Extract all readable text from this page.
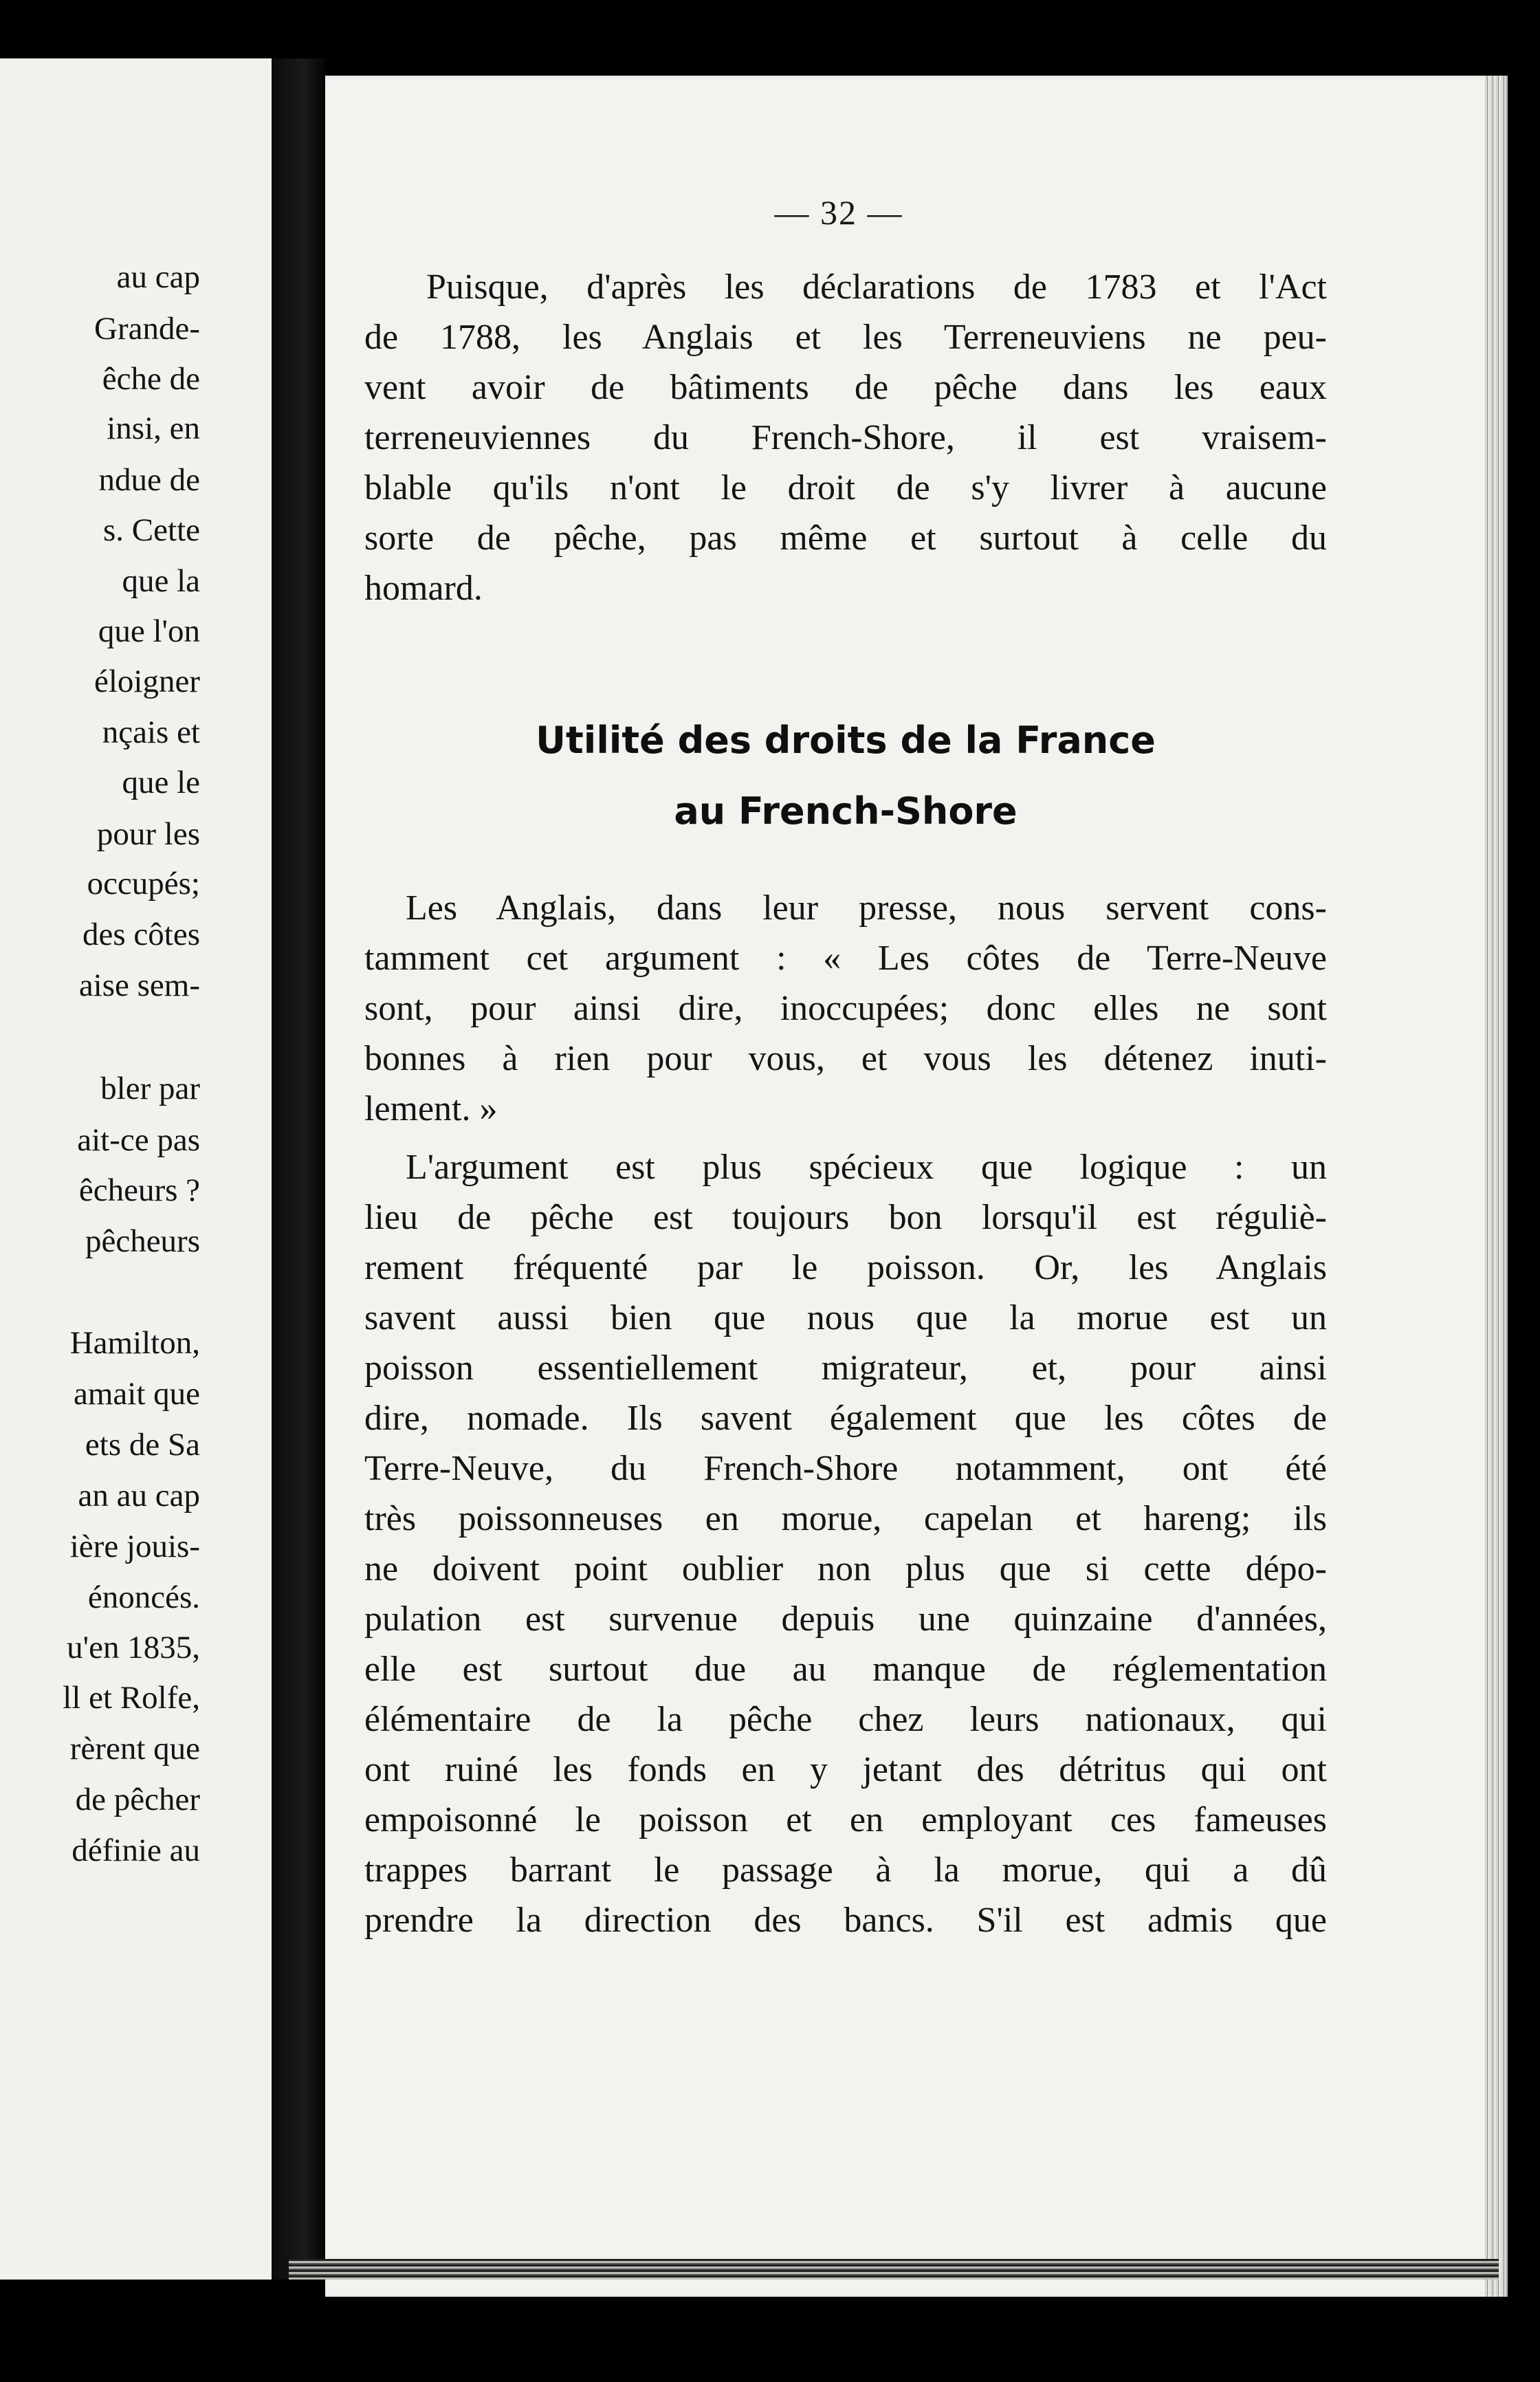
au cap
Grande-
êche de
insi, en
ndue de
s. Cette
que la
que l'on
éloigner
nçais et
que le
pour les
occupés;
des côtes
aise sem-
bler par
ait-ce pas
êcheurs ?
pêcheurs
Hamilton,
amait que
ets de Sa
an au cap
ière jouis-
énoncés.
u'en 1835,
ll et Rolfe,
rèrent que
de pêcher
définie au
— 32 —
Puisque, d'après les déclarations de 1783 et l'Act
de 1788, les Anglais et les Terreneuviens ne peu-
vent avoir de bâtiments de pêche dans les eaux
terreneuviennes du French-Shore, il est vraisem-
blable qu'ils n'ont le droit de s'y livrer à aucune
sorte de pêche, pas même et surtout à celle du
homard.
Utilité des droits de la France
au French-Shore
Les Anglais, dans leur presse, nous servent cons-
tamment cet argument : « Les côtes de Terre-Neuve
sont, pour ainsi dire, inoccupées; donc elles ne sont
bonnes à rien pour vous, et vous les détenez inuti-
lement. »
L'argument est plus spécieux que logique : un
lieu de pêche est toujours bon lorsqu'il est réguliè-
rement fréquenté par le poisson. Or, les Anglais
savent aussi bien que nous que la morue est un
poisson essentiellement migrateur, et, pour ainsi
dire, nomade. Ils savent également que les côtes de
Terre-Neuve, du French-Shore notamment, ont été
très poissonneuses en morue, capelan et hareng; ils
ne doivent point oublier non plus que si cette dépo-
pulation est survenue depuis une quinzaine d'années,
elle est surtout due au manque de réglementation
élémentaire de la pêche chez leurs nationaux, qui
ont ruiné les fonds en y jetant des détritus qui ont
empoisonné le poisson et en employant ces fameuses
trappes barrant le passage à la morue, qui a dû
prendre la direction des bancs. S'il est admis que
